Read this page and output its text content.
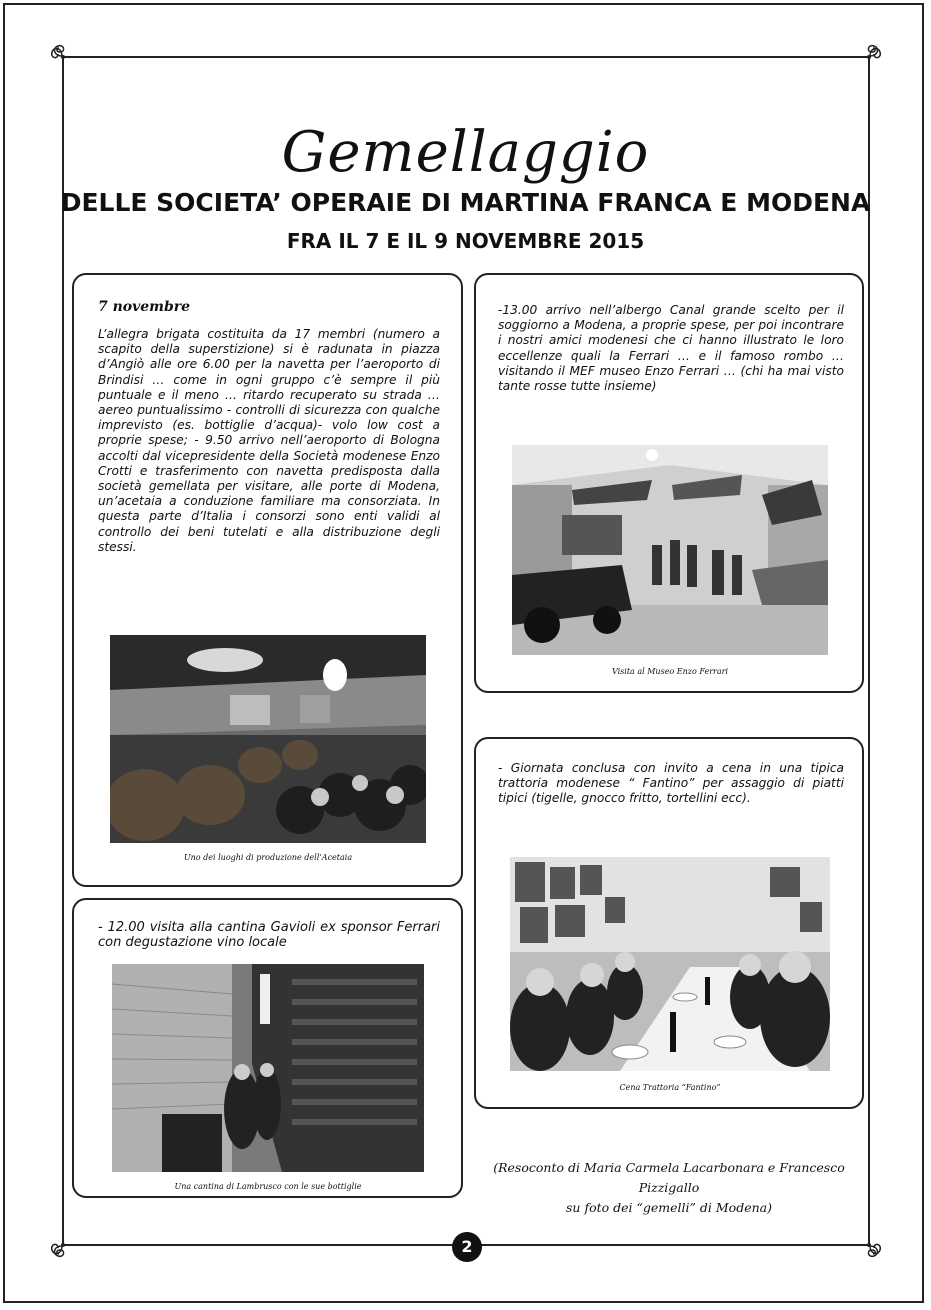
Gemellaggio
DELLE SOCIETA’ OPERAIE DI MARTINA FRANCA E MODENA
FRA IL 7 E IL 9 NOVEMBRE 2015
7 novembre
L’allegra brigata costituita da 17 membri (numero a scapito della superstizione) si è radunata in piazza d’Angiò alle ore 6.00 per la navetta per l’aeroporto di Brindisi … come in ogni gruppo c’è sempre il più puntuale e il meno … ritardo recuperato su strada … aereo puntualissimo - controlli di sicurezza con qualche imprevisto (es. bottiglie d’acqua)- volo low cost a proprie spese; - 9.50 arrivo nell’aeroporto di Bologna accolti dal vicepresidente della Società modenese Enzo Crotti e trasferimento con navetta predisposta dalla società gemellata per visitare, alle porte di Modena, un’acetaia a conduzione familiare ma consorziata. In questa parte d’Italia i consorzi sono enti validi al controllo dei beni tutelati e alla distribuzione degli stessi.
Uno dei luoghi di produzione dell’Acetaia
-13.00 arrivo nell’albergo Canal grande scelto per il soggiorno a Modena, a proprie spese, per poi incontrare i nostri amici modenesi che ci hanno illustrato le loro eccellenze quali la Ferrari … e il famoso rombo … visitando il MEF museo Enzo Ferrari … (chi ha mai visto tante rosse tutte insieme)
Visita al Museo Enzo Ferrari
- Giornata conclusa con invito a cena in una tipica trattoria modenese “ Fantino” per assaggio di piatti tipici (tigelle, gnocco fritto, tortellini ecc).
Cena Trattoria “Fantino”
- 12.00 visita alla cantina Gavioli ex sponsor Ferrari con degustazione vino locale
Una cantina di Lambrusco con le sue bottiglie
(Resoconto di Maria Carmela Lacarbonara e Francesco Pizzigallo
su foto dei “gemelli” di Modena)
2
